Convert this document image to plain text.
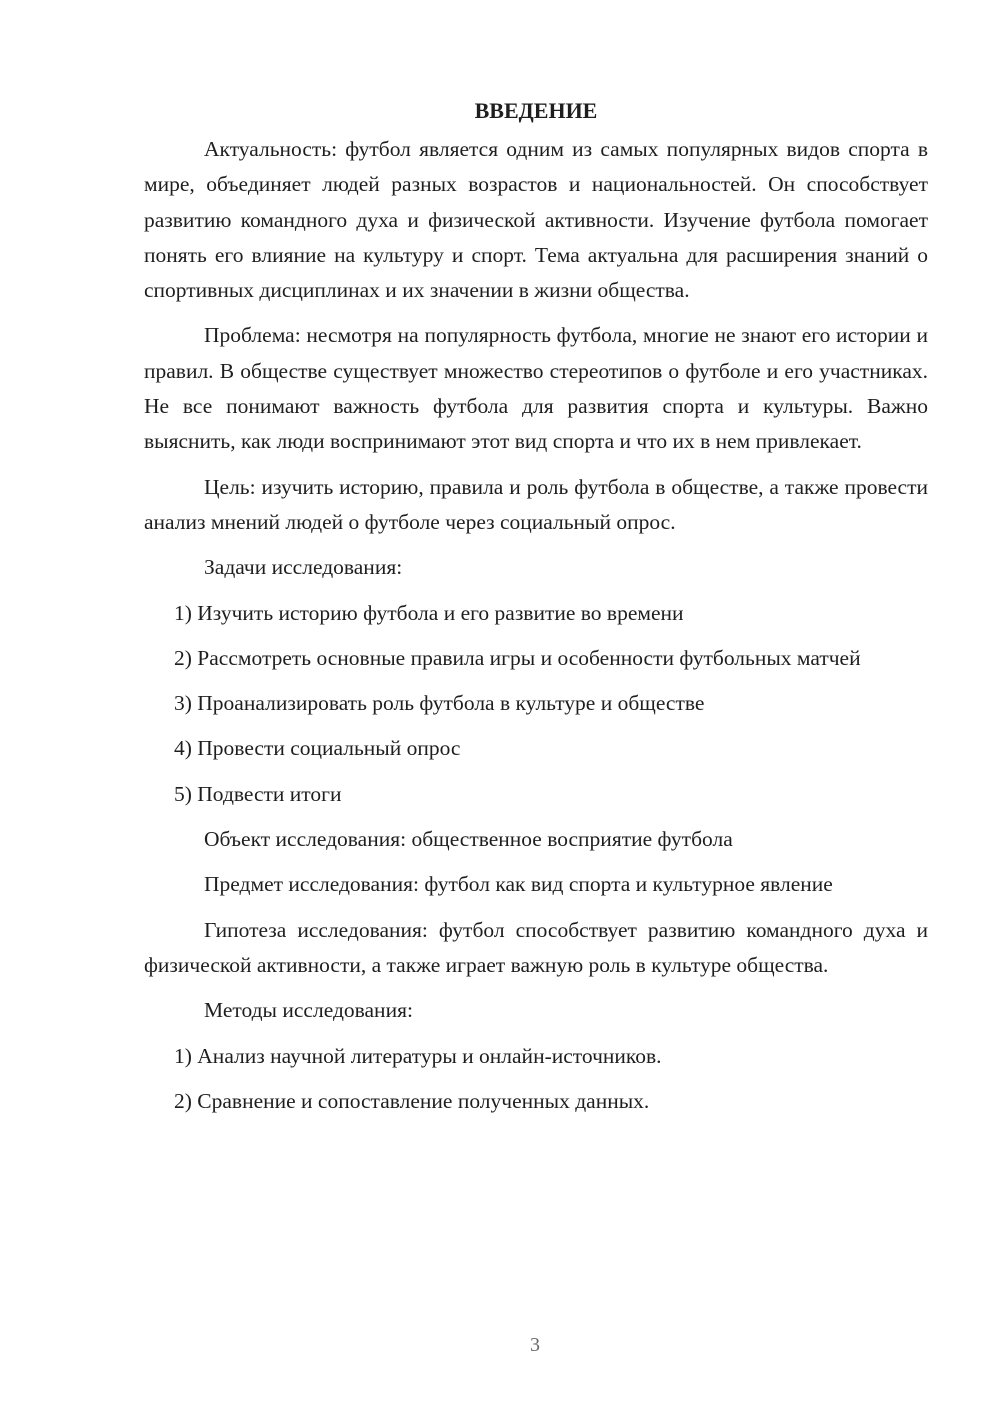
ВВЕДЕНИЕ
Актуальность: футбол является одним из самых популярных видов спорта в мире, объединяет людей разных возрастов и национальностей. Он способствует развитию командного духа и физической активности. Изучение футбола помогает понять его влияние на культуру и спорт. Тема актуальна для расширения знаний о спортивных дисциплинах и их значении в жизни общества.
Проблема: несмотря на популярность футбола, многие не знают его истории и правил. В обществе существует множество стереотипов о футболе и его участниках. Не все понимают важность футбола для развития спорта и культуры. Важно выяснить, как люди воспринимают этот вид спорта и что их в нем привлекает.
Цель: изучить историю, правила и роль футбола в обществе, а также провести анализ мнений людей о футболе через социальный опрос.
Задачи исследования:
1) Изучить историю футбола и его развитие во времени
2) Рассмотреть основные правила игры и особенности футбольных матчей
3) Проанализировать роль футбола в культуре и обществе
4) Провести социальный опрос
5) Подвести итоги
Объект исследования: общественное восприятие футбола
Предмет исследования: футбол как вид спорта и культурное явление
Гипотеза исследования: футбол способствует развитию командного духа и физической активности, а также играет важную роль в культуре общества.
Методы исследования:
1) Анализ научной литературы и онлайн-источников.
2) Сравнение и сопоставление полученных данных.
3
